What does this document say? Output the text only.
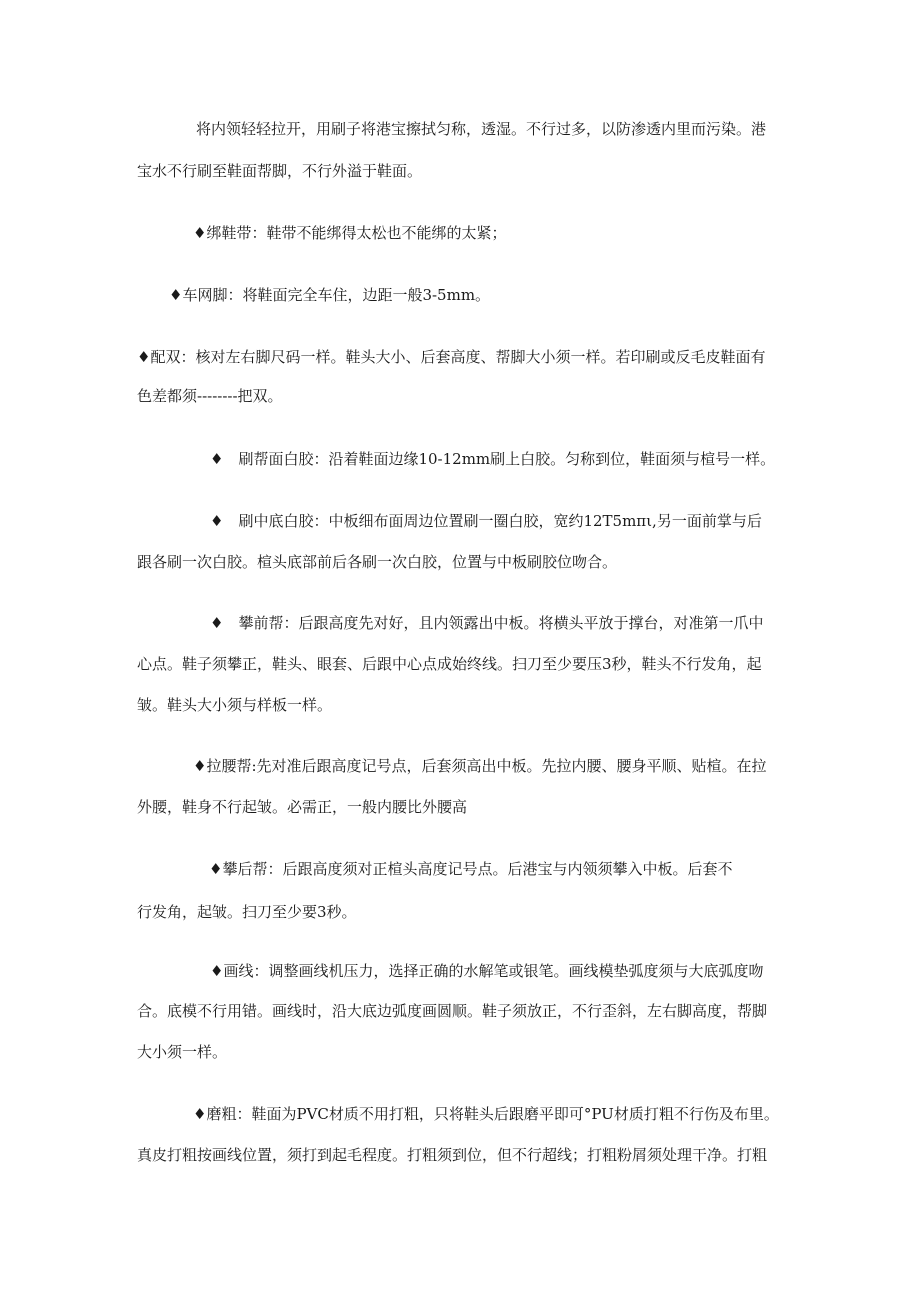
将内领轻轻拉开，用刷子将港宝擦拭匀称，透湿。不行过多，以防渗透内里而污染。港
宝水不行刷至鞋面帮脚，不行外溢于鞋面。
♦绑鞋带：鞋带不能绑得太松也不能绑的太紧；
♦车网脚：将鞋面完全车住，边距一般3-5mm。
♦配双：核对左右脚尺码一样。鞋头大小、后套高度、帮脚大小须一样。若印刷或反毛皮鞋面有
色差都须--------把双。
♦　刷帮面白胶：沿着鞋面边缘10-12mm刷上白胶。匀称到位，鞋面须与楦号一样。
♦　刷中底白胶：中板细布面周边位置刷一圈白胶，宽约12T5mπι,另一面前掌与后
跟各刷一次白胶。楦头底部前后各刷一次白胶，位置与中板刷胶位吻合。
♦　攀前帮：后跟高度先对好，且内领露出中板。将横头平放于撑台，对准第一爪中
心点。鞋子须攀正，鞋头、眼套、后跟中心点成始终线。扫刀至少要压3秒，鞋头不行发角，起
皱。鞋头大小须与样板一样。
♦拉腰帮:先对准后跟高度记号点，后套须高出中板。先拉内腰、腰身平顺、贴楦。在拉
外腰，鞋身不行起皱。必需正，一般内腰比外腰高
♦攀后帮：后跟高度须对正楦头高度记号点。后港宝与内领须攀入中板。后套不
行发角，起皱。扫刀至少要3秒。
♦画线：调整画线机压力，选择正确的水解笔或银笔。画线模垫弧度须与大底弧度吻
合。底模不行用错。画线时，沿大底边弧度画圆顺。鞋子须放正，不行歪斜，左右脚高度，帮脚
大小须一样。
♦磨粗：鞋面为PVC材质不用打粗，只将鞋头后跟磨平即可°PU材质打粗不行伤及布里。
真皮打粗按画线位置，须打到起毛程度。打粗须到位，但不行超线；打粗粉屑须处理干净。打粗
